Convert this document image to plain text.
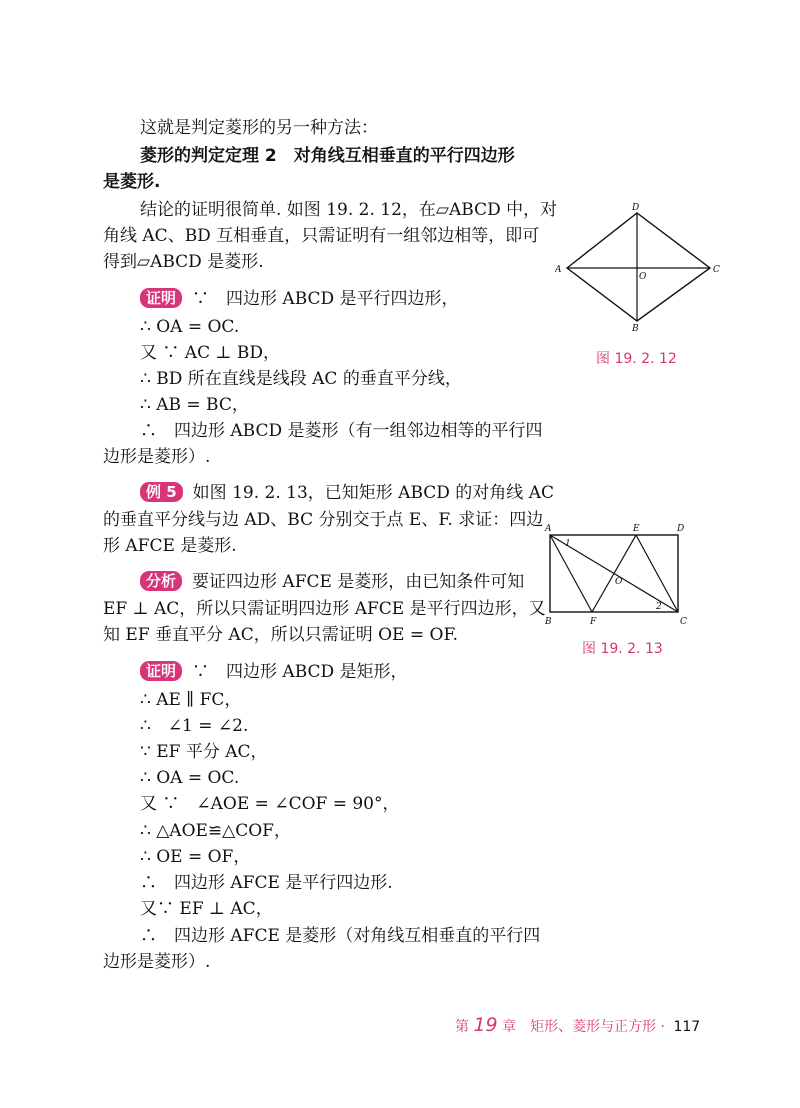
这就是判定菱形的另一种方法：
菱形的判定定理 2　对角线互相垂直的平行四边形
是菱形.
结论的证明很简单. 如图 19. 2. 12，在▱ABCD 中，对
角线 AC、BD 互相垂直，只需证明有一组邻边相等，即可
得到▱ABCD 是菱形.
证明 ∵　四边形 ABCD 是平行四边形，
∴ OA = OC.
又 ∵ AC ⊥ BD，
∴ BD 所在直线是线段 AC 的垂直平分线，
∴ AB = BC，
∴　四边形 ABCD 是菱形（有一组邻边相等的平行四
边形是菱形）.
例 5 如图 19. 2. 13，已知矩形 ABCD 的对角线 AC
的垂直平分线与边 AD、BC 分别交于点 E、F. 求证：四边
形 AFCE 是菱形.
分析 要证四边形 AFCE 是菱形，由已知条件可知
EF ⊥ AC，所以只需证明四边形 AFCE 是平行四边形，又
知 EF 垂直平分 AC，所以只需证明 OE = OF.
证明 ∵　四边形 ABCD 是矩形，
∴ AE ∥ FC，
∴　∠1 = ∠2.
∵ EF 平分 AC，
∴ OA = OC.
又 ∵　∠AOE = ∠COF = 90°，
∴ △AOE≌△COF，
∴ OE = OF，
∴　四边形 AFCE 是平行四边形.
又∵ EF ⊥ AC，
∴　四边形 AFCE 是菱形（对角线互相垂直的平行四
边形是菱形）.
A	C
D
B
O
图 19. 2. 12
A	E	D
B	F	C
O
1
2
图 19. 2. 13
第 19 章　矩形、菱形与正方形 · 117
